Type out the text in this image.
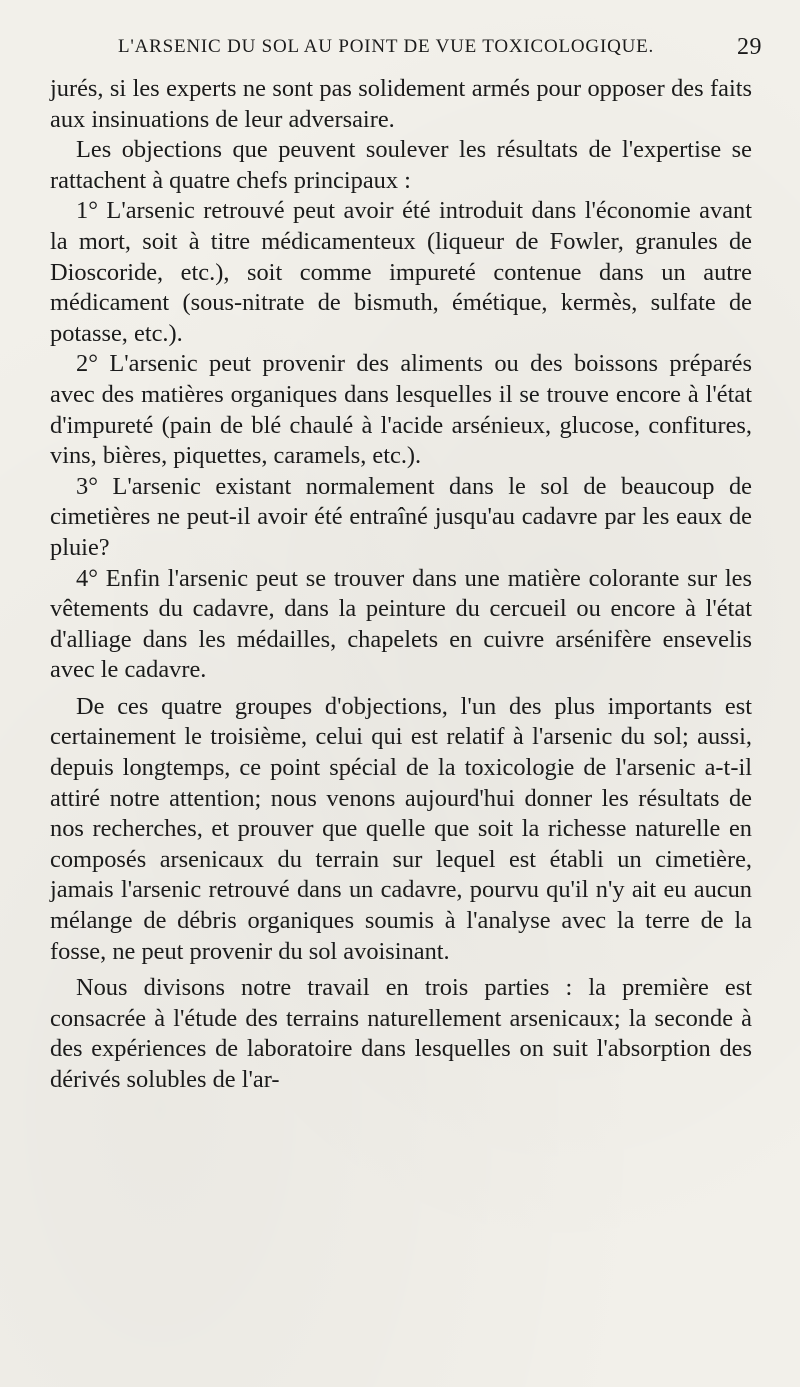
L'ARSENIC DU SOL AU POINT DE VUE TOXICOLOGIQUE.	29

jurés, si les experts ne sont pas solidement armés pour opposer des faits aux insinuations de leur adversaire.

Les objections que peuvent soulever les résultats de l'expertise se rattachent à quatre chefs principaux :

1° L'arsenic retrouvé peut avoir été introduit dans l'économie avant la mort, soit à titre médicamenteux (liqueur de Fowler, granules de Dioscoride, etc.), soit comme impureté contenue dans un autre médicament (sous-nitrate de bismuth, émétique, kermès, sulfate de potasse, etc.).

2° L'arsenic peut provenir des aliments ou des boissons préparés avec des matières organiques dans lesquelles il se trouve encore à l'état d'impureté (pain de blé chaulé à l'acide arsénieux, glucose, confitures, vins, bières, piquettes, caramels, etc.).

3° L'arsenic existant normalement dans le sol de beaucoup de cimetières ne peut-il avoir été entraîné jusqu'au cadavre par les eaux de pluie?

4° Enfin l'arsenic peut se trouver dans une matière colorante sur les vêtements du cadavre, dans la peinture du cercueil ou encore à l'état d'alliage dans les médailles, chapelets en cuivre arsénifère ensevelis avec le cadavre.

De ces quatre groupes d'objections, l'un des plus importants est certainement le troisième, celui qui est relatif à l'arsenic du sol; aussi, depuis longtemps, ce point spécial de la toxicologie de l'arsenic a-t-il attiré notre attention; nous venons aujourd'hui donner les résultats de nos recherches, et prouver que quelle que soit la richesse naturelle en composés arsenicaux du terrain sur lequel est établi un cimetière, jamais l'arsenic retrouvé dans un cadavre, pourvu qu'il n'y ait eu aucun mélange de débris organiques soumis à l'analyse avec la terre de la fosse, ne peut provenir du sol avoisinant.

Nous divisons notre travail en trois parties : la première est consacrée à l'étude des terrains naturellement arsenicaux; la seconde à des expériences de laboratoire dans lesquelles on suit l'absorption des dérivés solubles de l'ar-
